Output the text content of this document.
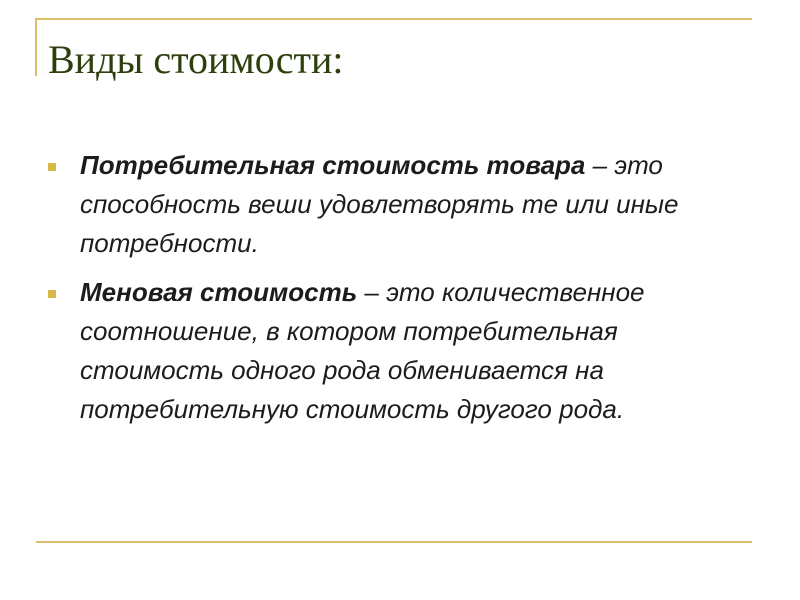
Виды стоимости:
Потребительная стоимость товара – это способность веши удовлетворять те или иные потребности.
Меновая стоимость – это количественное соотношение, в котором потребительная стоимость одного рода обменивается на потребительную стоимость другого рода.
